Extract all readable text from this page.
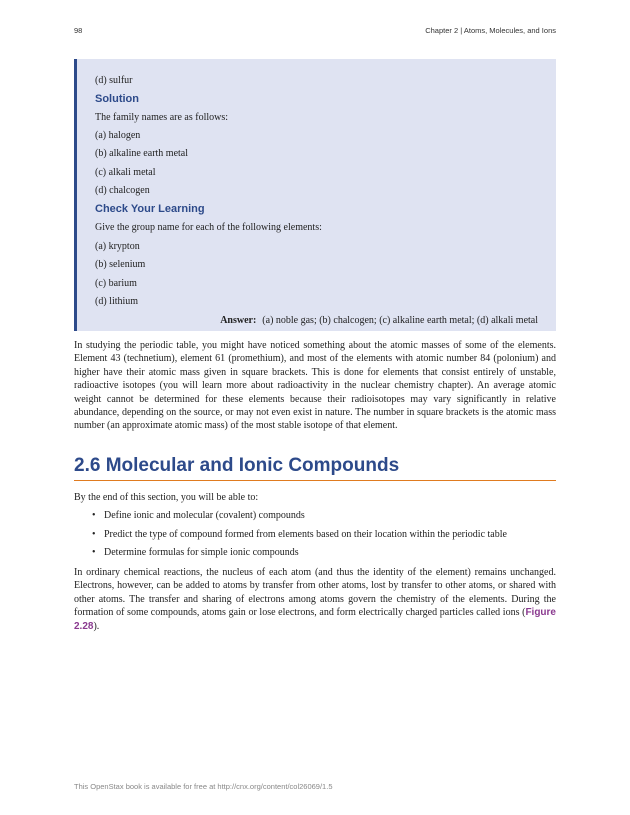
98	Chapter 2 | Atoms, Molecules, and Ions
(d) sulfur
Solution
The family names are as follows:
(a) halogen
(b) alkaline earth metal
(c) alkali metal
(d) chalcogen
Check Your Learning
Give the group name for each of the following elements:
(a) krypton
(b) selenium
(c) barium
(d) lithium
Answer: (a) noble gas; (b) chalcogen; (c) alkaline earth metal; (d) alkali metal

In studying the periodic table, you might have noticed something about the atomic masses of some of the elements. Element 43 (technetium), element 61 (promethium), and most of the elements with atomic number 84 (polonium) and higher have their atomic mass given in square brackets. This is done for elements that consist entirely of unstable, radioactive isotopes (you will learn more about radioactivity in the nuclear chemistry chapter). An average atomic weight cannot be determined for these elements because their radioisotopes may vary significantly in relative abundance, depending on the source, or may not even exist in nature. The number in square brackets is the atomic mass number (an approximate atomic mass) of the most stable isotope of that element.

2.6 Molecular and Ionic Compounds
By the end of this section, you will be able to:
• Define ionic and molecular (covalent) compounds
• Predict the type of compound formed from elements based on their location within the periodic table
• Determine formulas for simple ionic compounds

In ordinary chemical reactions, the nucleus of each atom (and thus the identity of the element) remains unchanged. Electrons, however, can be added to atoms by transfer from other atoms, lost by transfer to other atoms, or shared with other atoms. The transfer and sharing of electrons among atoms govern the chemistry of the elements. During the formation of some compounds, atoms gain or lose electrons, and form electrically charged particles called ions (Figure 2.28).

This OpenStax book is available for free at http://cnx.org/content/col26069/1.5
